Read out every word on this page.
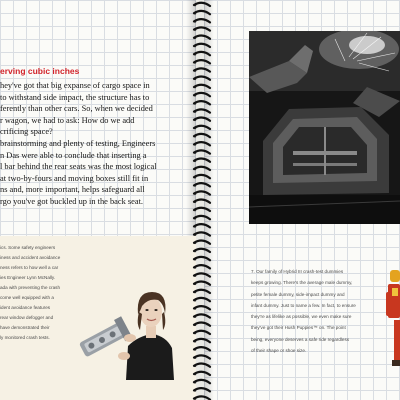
erving cubic inches
hey've got that big expanse of cargo space in
to withstand side impact, the structure has to
ferently than other cars. So, when we decided
r wagon, we had to ask: How do we add
crificing space?
brainstorming and plenty of testing, Engineers
n Das were able to conclude that inserting a
l bar behind the rear seats was the most logical
at two-by-fours and moving boxes still fit in
ns and, more important, helps safeguard all
rgo you've got buckled up in the back seat.
ics. Some safety engineers
iness and accident avoidance
ness refers to how well a car
ies Engineer Lynn McNally.
ada with preventing the crash
come well equipped with a
ident avoidance features
rear window defogger and
have demonstrated their
ly monitored crash tests.
7. Our family of Hybrid III crash-test dummies
keeps growing. There's the average male dummy,
petite female dummy, side-impact dummy and
infant dummy. Just to name a few. In fact, to ensure
they're as lifelike as possible, we even make sure
they've got their Hush Puppies™ on. The point
being, everyone deserves a safe ride regardless
of their shape or shoe size.
